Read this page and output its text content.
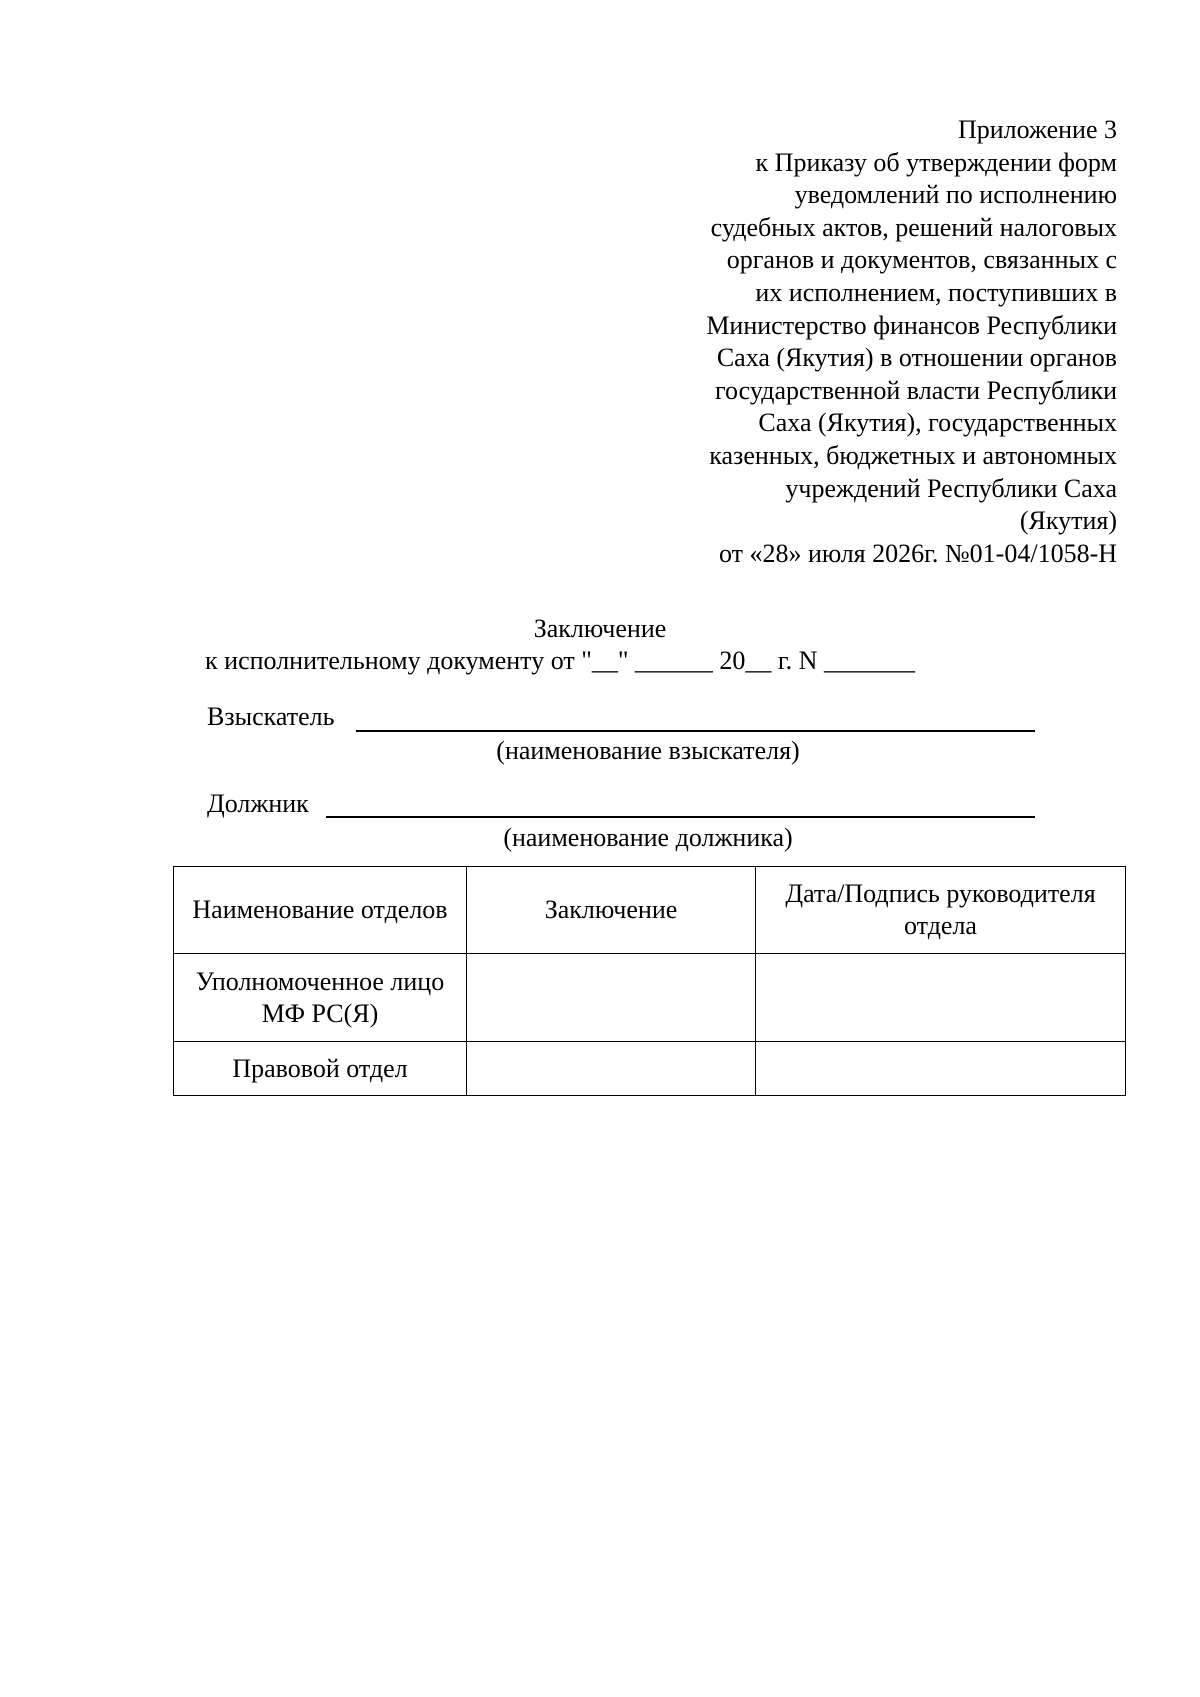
Приложение 3
к Приказу об утверждении форм
уведомлений по исполнению
судебных актов, решений налоговых
органов и документов, связанных с
их исполнением, поступивших в
Министерство финансов Республики
Саха (Якутия) в отношении органов
государственной власти Республики
Саха (Якутия), государственных
казенных, бюджетных и автономных
учреждений Республики Саха
(Якутия)
от «28» июля 2026г. №01-04/1058-Н
Заключение
к исполнительному документу от "__" ______ 20__ г. N _______
Взыскатель
(наименование взыскателя)
Должник
(наименование должника)
Наименование отделов	Заключение	Дата/Подпись руководителя отдела
Уполномоченное лицо МФ РС(Я)		
Правовой отдел		
